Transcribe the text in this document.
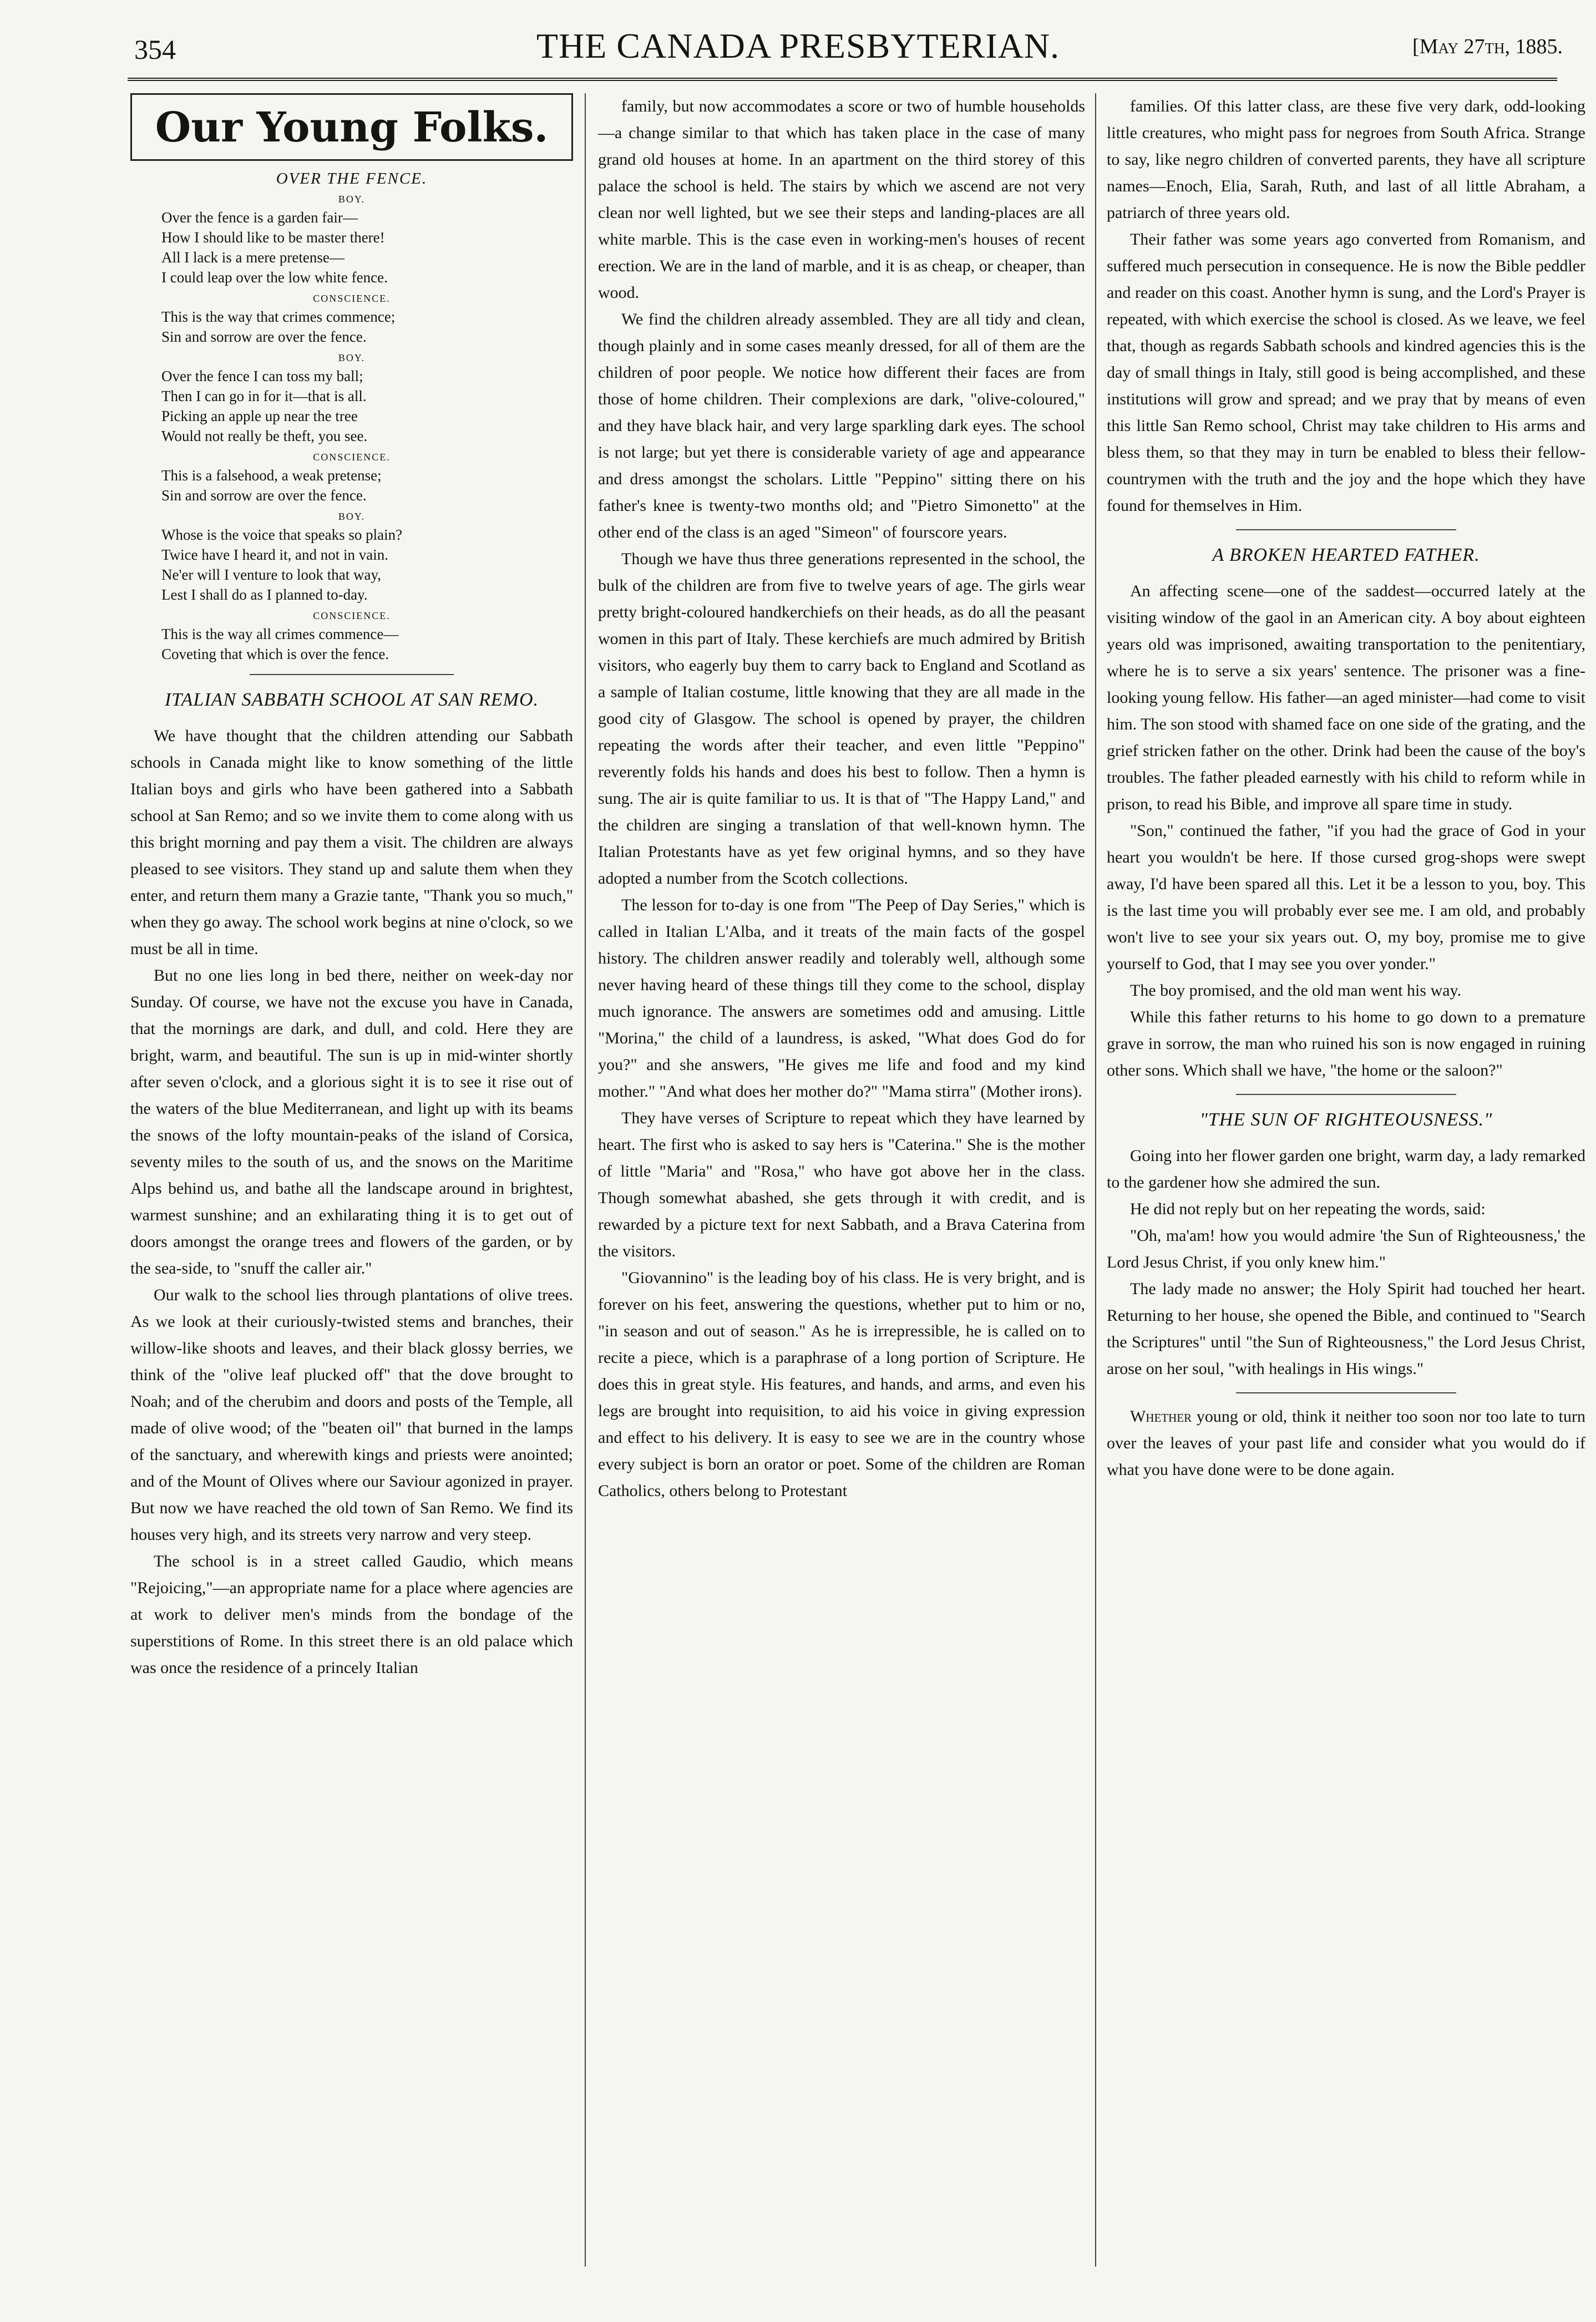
354	THE CANADA PRESBYTERIAN.	[May 27th, 1885.
Our Young Folks.
OVER THE FENCE.
BOY.
Over the fence is a garden fair—
How I should like to be master there!
All I lack is a mere pretense—
I could leap over the low white fence.
CONSCIENCE.
This is the way that crimes commence;
Sin and sorrow are over the fence.
BOY.
Over the fence I can toss my ball;
Then I can go in for it—that is all.
Picking an apple up near the tree
Would not really be theft, you see.
CONSCIENCE.
This is a falsehood, a weak pretense;
Sin and sorrow are over the fence.
BOY.
Whose is the voice that speaks so plain?
Twice have I heard it, and not in vain.
Ne'er will I venture to look that way,
Lest I shall do as I planned to-day.
CONSCIENCE.
This is the way all crimes commence—
Coveting that which is over the fence.
ITALIAN SABBATH SCHOOL AT SAN REMO.

We have thought that the children attending our Sabbath schools in Canada might like to know something of the little Italian boys and girls who have been gathered into a Sabbath school at San Remo; and so we invite them to come along with us this bright morning and pay them a visit. The children are always pleased to see visitors. They stand up and salute them when they enter, and return them many a Grazie tante, "Thank you so much," when they go away. The school work begins at nine o'clock, so we must be all in time.

But no one lies long in bed there, neither on week-day nor Sunday. Of course, we have not the excuse you have in Canada, that the mornings are dark, and dull, and cold. Here they are bright, warm, and beautiful. The sun is up in mid-winter shortly after seven o'clock, and a glorious sight it is to see it rise out of the waters of the blue Mediterranean, and light up with its beams the snows of the lofty mountain-peaks of the island of Corsica, seventy miles to the south of us, and the snows on the Maritime Alps behind us, and bathe all the landscape around in brightest, warmest sunshine; and an exhilarating thing it is to get out of doors amongst the orange trees and flowers of the garden, or by the sea-side, to "snuff the caller air."

Our walk to the school lies through plantations of olive trees. As we look at their curiously-twisted stems and branches, their willow-like shoots and leaves, and their black glossy berries, we think of the "olive leaf plucked off" that the dove brought to Noah; and of the cherubim and doors and posts of the Temple, all made of olive wood; of the "beaten oil" that burned in the lamps of the sanctuary, and wherewith kings and priests were anointed; and of the Mount of Olives where our Saviour agonized in prayer. But now we have reached the old town of San Remo. We find its houses very high, and its streets very narrow and very steep.

The school is in a street called Gaudio, which means "Rejoicing,"—an appropriate name for a place where agencies are at work to deliver men's minds from the bondage of the superstitions of Rome. In this street there is an old palace which was once the residence of a princely Italian

family, but now accommodates a score or two of humble households—a change similar to that which has taken place in the case of many grand old houses at home. In an apartment on the third storey of this palace the school is held. The stairs by which we ascend are not very clean nor well lighted, but we see their steps and landing-places are all white marble. This is the case even in working-men's houses of recent erection. We are in the land of marble, and it is as cheap, or cheaper, than wood.

We find the children already assembled. They are all tidy and clean, though plainly and in some cases meanly dressed, for all of them are the children of poor people. We notice how different their faces are from those of home children. Their complexions are dark, "olive-coloured," and they have black hair, and very large sparkling dark eyes. The school is not large; but yet there is considerable variety of age and appearance and dress amongst the scholars. Little "Peppino" sitting there on his father's knee is twenty-two months old; and "Pietro Simonetto" at the other end of the class is an aged "Simeon" of fourscore years.

Though we have thus three generations represented in the school, the bulk of the children are from five to twelve years of age. The girls wear pretty bright-coloured handkerchiefs on their heads, as do all the peasant women in this part of Italy. These kerchiefs are much admired by British visitors, who eagerly buy them to carry back to England and Scotland as a sample of Italian costume, little knowing that they are all made in the good city of Glasgow. The school is opened by prayer, the children repeating the words after their teacher, and even little "Peppino" reverently folds his hands and does his best to follow. Then a hymn is sung. The air is quite familiar to us. It is that of "The Happy Land," and the children are singing a translation of that well-known hymn. The Italian Protestants have as yet few original hymns, and so they have adopted a number from the Scotch collections.

The lesson for to-day is one from "The Peep of Day Series," which is called in Italian L'Alba, and it treats of the main facts of the gospel history. The children answer readily and tolerably well, although some never having heard of these things till they come to the school, display much ignorance. The answers are sometimes odd and amusing. Little "Morina," the child of a laundress, is asked, "What does God do for you?" and she answers, "He gives me life and food and my kind mother." "And what does her mother do?" "Mama stirra" (Mother irons).

They have verses of Scripture to repeat which they have learned by heart. The first who is asked to say hers is "Caterina." She is the mother of little "Maria" and "Rosa," who have got above her in the class. Though somewhat abashed, she gets through it with credit, and is rewarded by a picture text for next Sabbath, and a Brava Caterina from the visitors.

"Giovannino" is the leading boy of his class. He is very bright, and is forever on his feet, answering the questions, whether put to him or no, "in season and out of season." As he is irrepressible, he is called on to recite a piece, which is a paraphrase of a long portion of Scripture. He does this in great style. His features, and hands, and arms, and even his legs are brought into requisition, to aid his voice in giving expression and effect to his delivery. It is easy to see we are in the country whose every subject is born an orator or poet. Some of the children are Roman Catholics, others belong to Protestant

families. Of this latter class, are these five very dark, odd-looking little creatures, who might pass for negroes from South Africa. Strange to say, like negro children of converted parents, they have all scripture names—Enoch, Elia, Sarah, Ruth, and last of all little Abraham, a patriarch of three years old.

Their father was some years ago converted from Romanism, and suffered much persecution in consequence. He is now the Bible peddler and reader on this coast. Another hymn is sung, and the Lord's Prayer is repeated, with which exercise the school is closed. As we leave, we feel that, though as regards Sabbath schools and kindred agencies this is the day of small things in Italy, still good is being accomplished, and these institutions will grow and spread; and we pray that by means of even this little San Remo school, Christ may take children to His arms and bless them, so that they may in turn be enabled to bless their fellow-countrymen with the truth and the joy and the hope which they have found for themselves in Him.

A BROKEN HEARTED FATHER.

An affecting scene—one of the saddest—occurred lately at the visiting window of the gaol in an American city. A boy about eighteen years old was imprisoned, awaiting transportation to the penitentiary, where he is to serve a six years' sentence. The prisoner was a fine-looking young fellow. His father—an aged minister—had come to visit him. The son stood with shamed face on one side of the grating, and the grief stricken father on the other. Drink had been the cause of the boy's troubles. The father pleaded earnestly with his child to reform while in prison, to read his Bible, and improve all spare time in study.

"Son," continued the father, "if you had the grace of God in your heart you wouldn't be here. If those cursed grog-shops were swept away, I'd have been spared all this. Let it be a lesson to you, boy. This is the last time you will probably ever see me. I am old, and probably won't live to see your six years out. O, my boy, promise me to give yourself to God, that I may see you over yonder."

The boy promised, and the old man went his way.

While this father returns to his home to go down to a premature grave in sorrow, the man who ruined his son is now engaged in ruining other sons. Which shall we have, "the home or the saloon?"

"THE SUN OF RIGHTEOUSNESS."

Going into her flower garden one bright, warm day, a lady remarked to the gardener how she admired the sun.

He did not reply but on her repeating the words, said:

"Oh, ma'am! how you would admire 'the Sun of Righteousness,' the Lord Jesus Christ, if you only knew him."

The lady made no answer; the Holy Spirit had touched her heart. Returning to her house, she opened the Bible, and continued to "Search the Scriptures" until "the Sun of Righteousness," the Lord Jesus Christ, arose on her soul, "with healings in His wings."

Whether young or old, think it neither too soon nor too late to turn over the leaves of your past life and consider what you would do if what you have done were to be done again.
